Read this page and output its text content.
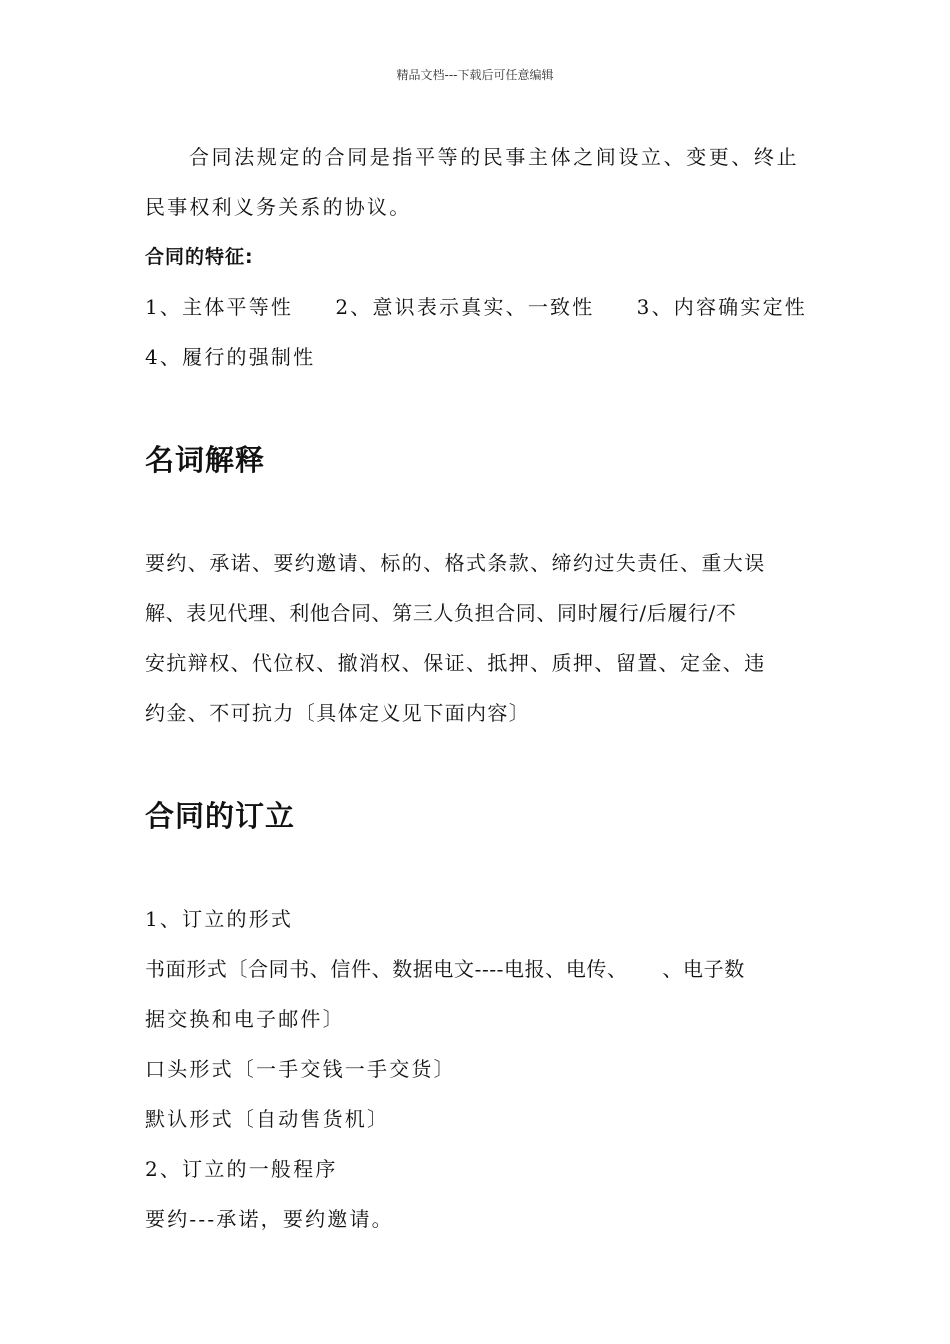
精品文档---下载后可任意编辑
合同法规定的合同是指平等的民事主体之间设立、变更、终止
民事权利义务关系的协议。
合同的特征:
1、主体平等性 2、意识表示真实、一致性 3、内容确实定性
4、履行的强制性
名词解释
要约、承诺、要约邀请、标的、格式条款、缔约过失责任、重大误
解、表见代理、利他合同、第三人负担合同、同时履行/后履行/不
安抗辩权、代位权、撤消权、保证、抵押、质押、留置、定金、违
约金、不可抗力〔具体定义见下面内容〕
合同的订立
1、订立的形式
书面形式〔合同书、信件、数据电文----电报、电传、     、电子数
据交换和电子邮件〕
口头形式〔一手交钱一手交货〕
默认形式〔自动售货机〕
2、订立的一般程序
要约---承诺，要约邀请。
